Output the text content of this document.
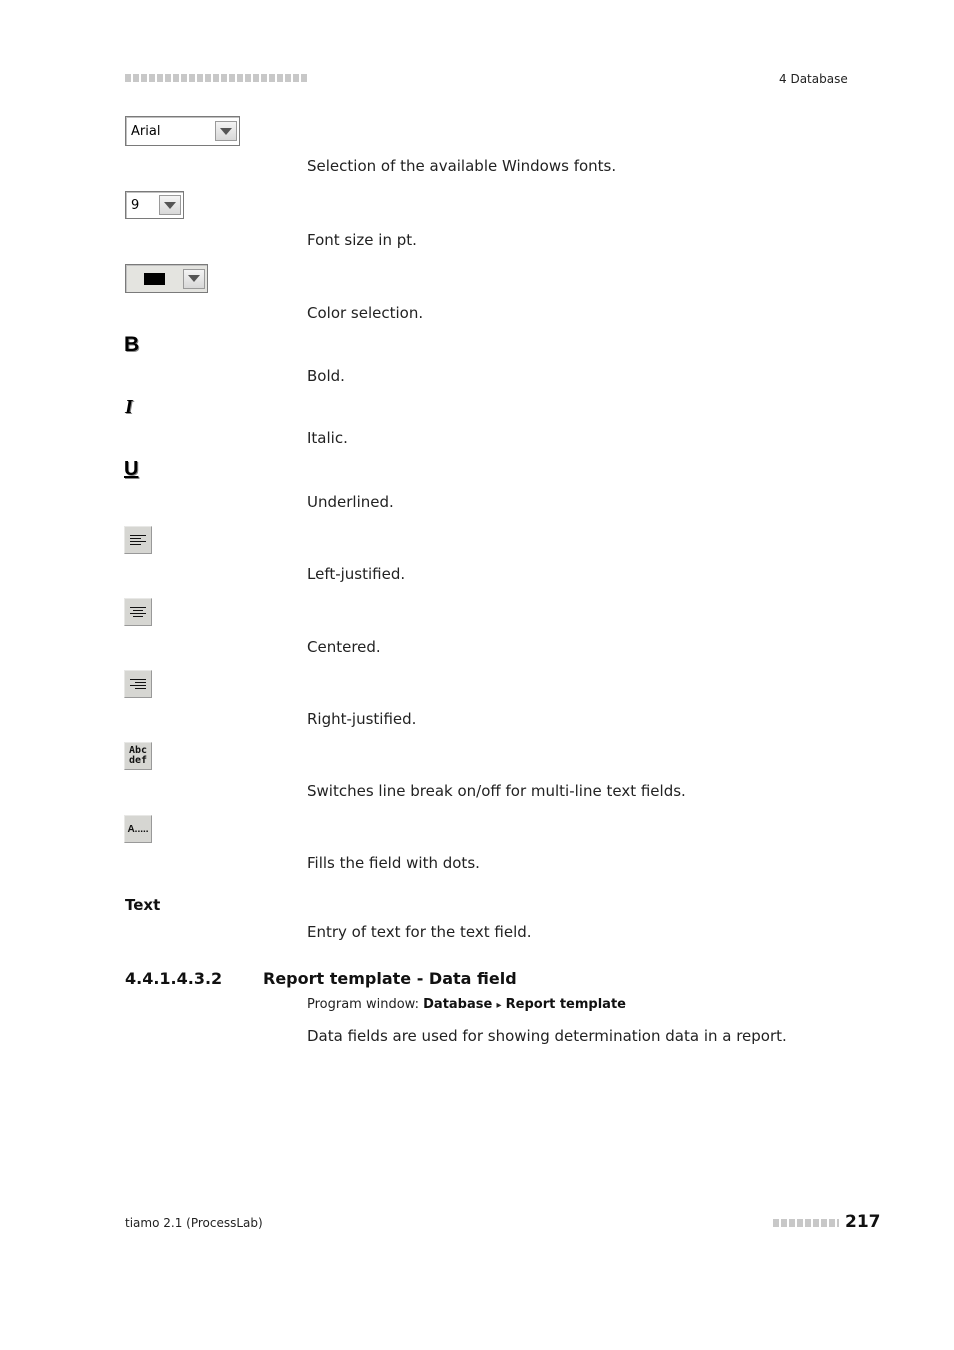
4 Database
Arial
Selection of the available Windows fonts.
9
Font size in pt.
Color selection.
B
Bold.
I
Italic.
U
Underlined.
Left-justified.
Centered.
Right-justified.
Abc def
Switches line break on/off for multi-line text fields.
A.....
Fills the field with dots.
Text
Entry of text for the text field.
4.4.1.4.3.2	Report template - Data field
Program window: Database ▸ Report template
Data fields are used for showing determination data in a report.
tiamo 2.1 (ProcessLab)	217
